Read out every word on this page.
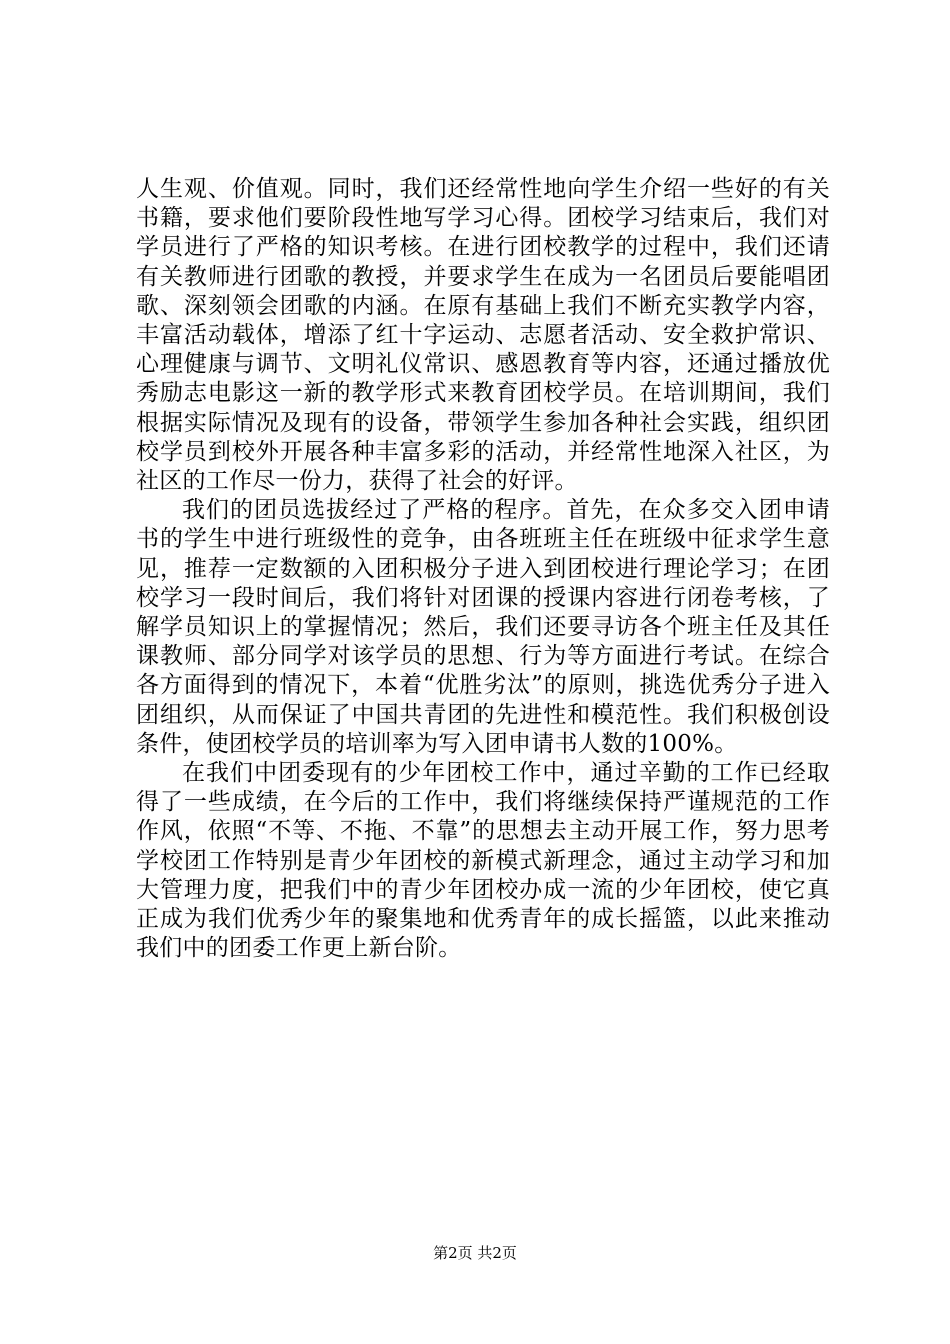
人生观、价值观。同时，我们还经常性地向学生介绍一些好的有关书籍，要求他们要阶段性地写学习心得。团校学习结束后，我们对学员进行了严格的知识考核。在进行团校教学的过程中，我们还请有关教师进行团歌的教授，并要求学生在成为一名团员后要能唱团歌、深刻领会团歌的内涵。在原有基础上我们不断充实教学内容，丰富活动载体，增添了红十字运动、志愿者活动、安全救护常识、心理健康与调节、文明礼仪常识、感恩教育等内容，还通过播放优秀励志电影这一新的教学形式来教育团校学员。在培训期间，我们根据实际情况及现有的设备，带领学生参加各种社会实践，组织团校学员到校外开展各种丰富多彩的活动，并经常性地深入社区，为社区的工作尽一份力，获得了社会的好评。

我们的团员选拔经过了严格的程序。首先，在众多交入团申请书的学生中进行班级性的竞争，由各班班主任在班级中征求学生意见，推荐一定数额的入团积极分子进入到团校进行理论学习；在团校学习一段时间后，我们将针对团课的授课内容进行闭卷考核，了解学员知识上的掌握情况；然后，我们还要寻访各个班主任及其任课教师、部分同学对该学员的思想、行为等方面进行考试。在综合各方面得到的情况下，本着“优胜劣汰”的原则，挑选优秀分子进入团组织，从而保证了中国共青团的先进性和模范性。我们积极创设条件，使团校学员的培训率为写入团申请书人数的100%。

在我们中团委现有的少年团校工作中，通过辛勤的工作已经取得了一些成绩，在今后的工作中，我们将继续保持严谨规范的工作作风，依照“不等、不拖、不靠”的思想去主动开展工作，努力思考学校团工作特别是青少年团校的新模式新理念，通过主动学习和加大管理力度，把我们中的青少年团校办成一流的少年团校，使它真正成为我们优秀少年的聚集地和优秀青年的成长摇篮，以此来推动我们中的团委工作更上新台阶。

第2页 共2页
